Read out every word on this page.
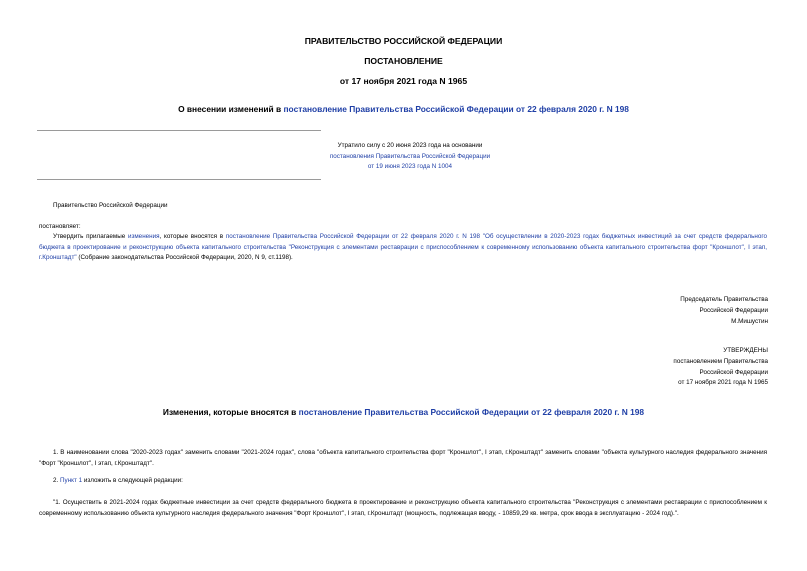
ПРАВИТЕЛЬСТВО РОССИЙСКОЙ ФЕДЕРАЦИИ
ПОСТАНОВЛЕНИЕ
от 17 ноября 2021 года N 1965
О внесении изменений в постановление Правительства Российской Федерации от 22 февраля 2020 г. N 198
Утратило силу с 20 июня 2023 года на основании
постановления Правительства Российской Федерации
от 19 июня 2023 года N 1004
Правительство Российской Федерации
постановляет:
Утвердить прилагаемые изменения, которые вносятся в постановление Правительства Российской Федерации от 22 февраля 2020 г. N 198 "Об осуществлении в 2020-2023 годах бюджетных инвестиций за счет средств федерального бюджета в проектирование и реконструкцию объекта капитального строительства "Реконструкция с элементами реставрации с приспособлением к современному использованию объекта капитального строительства форт "Кроншлот", I этап, г.Кронштадт" (Собрание законодательства Российской Федерации, 2020, N 9, ст.1198).
Председатель Правительства
Российской Федерации
М.Мишустин
УТВЕРЖДЕНЫ
постановлением Правительства
Российской Федерации
от 17 ноября 2021 года N 1965
Изменения, которые вносятся в постановление Правительства Российской Федерации от 22 февраля 2020 г. N 198
1. В наименовании слова "2020-2023 годах" заменить словами "2021-2024 годах", слова "объекта капитального строительства форт "Кроншлот", I этап, г.Кронштадт" заменить словами "объекта культурного наследия федерального значения "Форт "Кроншлот", I этап, г.Кронштадт".
2. Пункт 1 изложить в следующей редакции:
"1. Осуществить в 2021-2024 годах бюджетные инвестиции за счет средств федерального бюджета в проектирование и реконструкцию объекта капитального строительства "Реконструкция с элементами реставрации с приспособлением к современному использованию объекта культурного наследия федерального значения "Форт Кроншлот", I этап, г.Кронштадт (мощность, подлежащая вводу, - 10859,29 кв. метра, срок ввода в эксплуатацию - 2024 год).".
